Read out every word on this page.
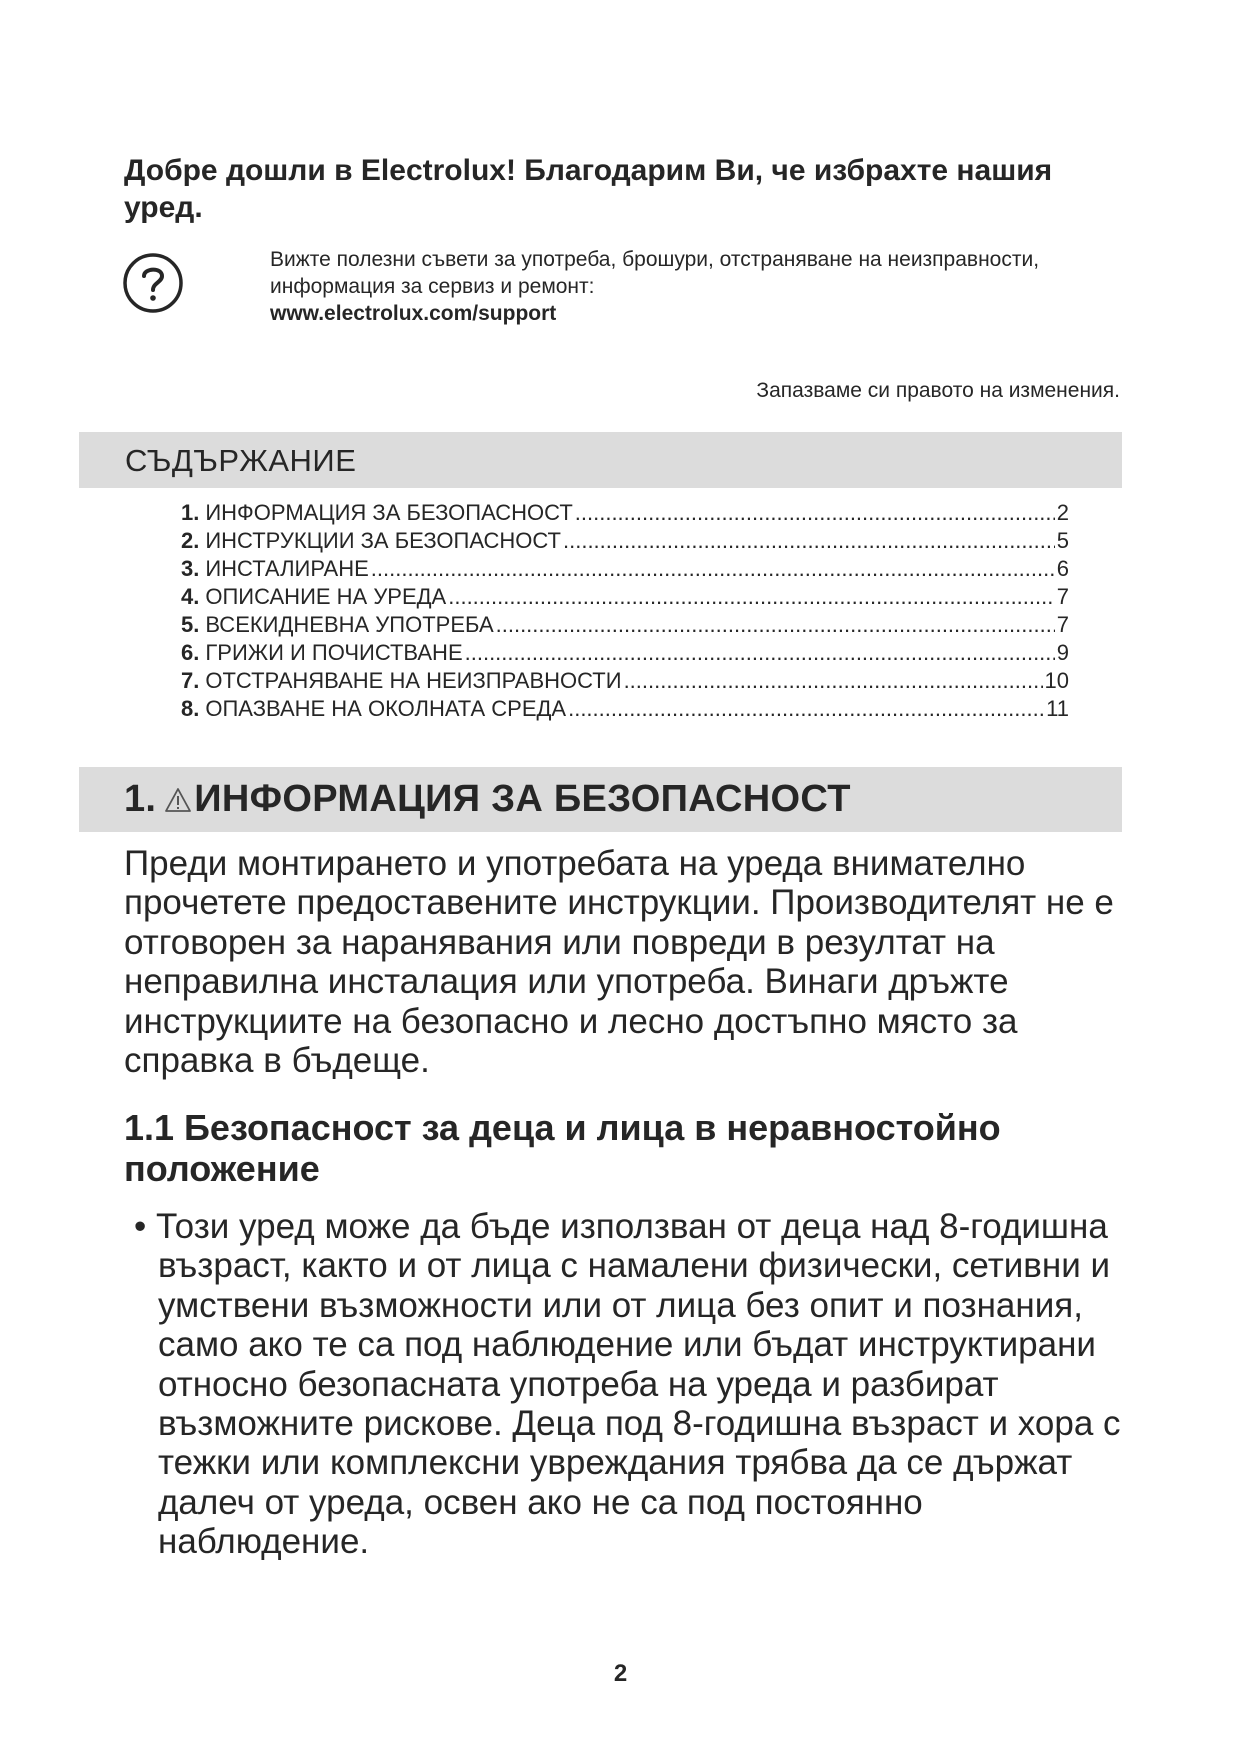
Добре дошли в Electrolux! Благодарим Ви, че избрахте нашия уред.

Вижте полезни съвети за употреба, брошури, отстраняване на неизправности,
информация за сервиз и ремонт:
www.electrolux.com/support
Запазваме си правото на изменения.
СЪДЪРЖАНИЕ
1. ИНФОРМАЦИЯ ЗА БЕЗОПАСНОСТ .....	2
2. ИНСТРУКЦИИ ЗА БЕЗОПАСНОСТ .....	5
3. ИНСТАЛИРАНЕ .....	6
4. ОПИСАНИЕ НА УРЕДА .....	7
5. ВСЕКИДНЕВНА УПОТРЕБА .....	7
6. ГРИЖИ И ПОЧИСТВАНЕ .....	9
7. ОТСТРАНЯВАНЕ НА НЕИЗПРАВНОСТИ .....	10
8. ОПАЗВАНЕ НА ОКОЛНАТА СРЕДА .....	11
1. ИНФОРМАЦИЯ ЗА БЕЗОПАСНОСТ

Преди монтирането и употребата на уреда внимателно прочетете предоставените инструкции. Производителят не е отговорен за наранявания или повреди в резултат на неправилна инсталация или употреба. Винаги дръжте инструкциите на безопасно и лесно достъпно място за справка в бъдеще.

1.1 Безопасност за деца и лица в неравностойно положение

• Този уред може да бъде използван от деца над 8-годишна възраст, както и от лица с намалени физически, сетивни и умствени възможности или от лица без опит и познания, само ако те са под наблюдение или бъдат инструктирани относно безопасната употреба на уреда и разбират възможните рискове. Деца под 8-годишна възраст и хора с тежки или комплексни увреждания трябва да се държат далеч от уреда, освен ако не са под постоянно наблюдение.

2
